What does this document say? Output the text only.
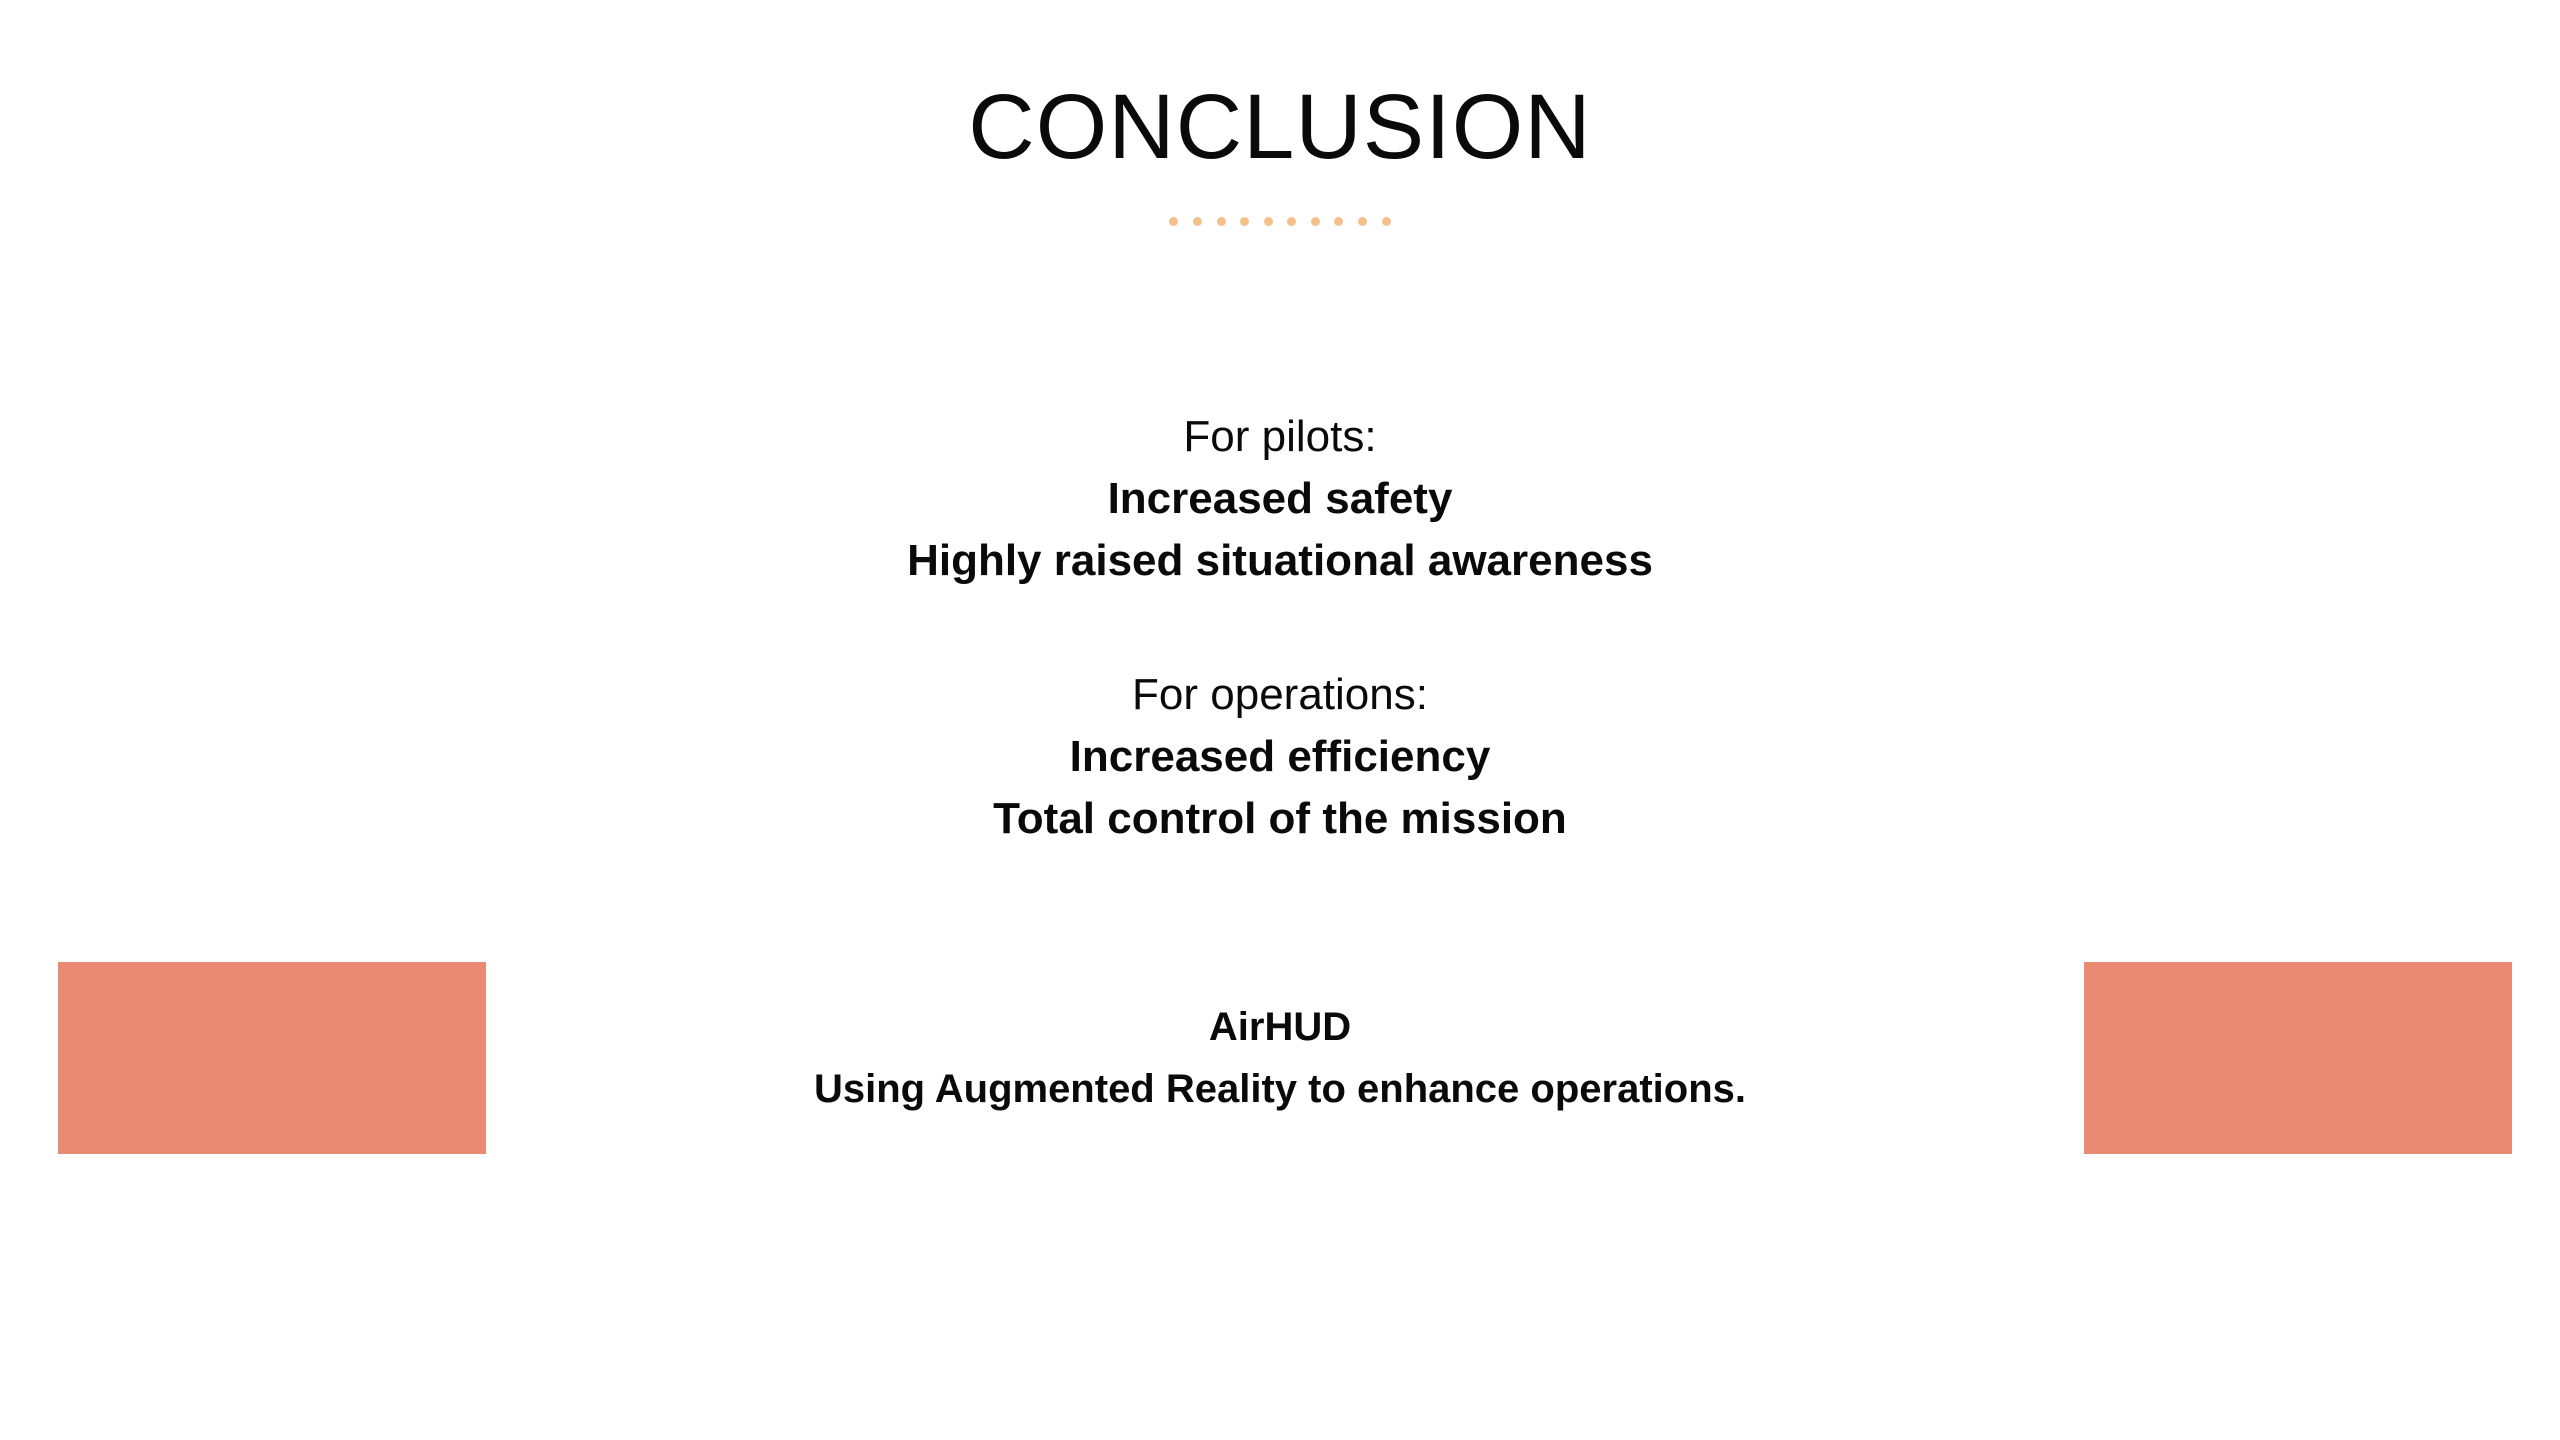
CONCLUSION
For pilots:
Increased safety
Highly raised situational awareness
For operations:
Increased efficiency
Total control of the mission
AirHUD
Using Augmented Reality to enhance operations.
